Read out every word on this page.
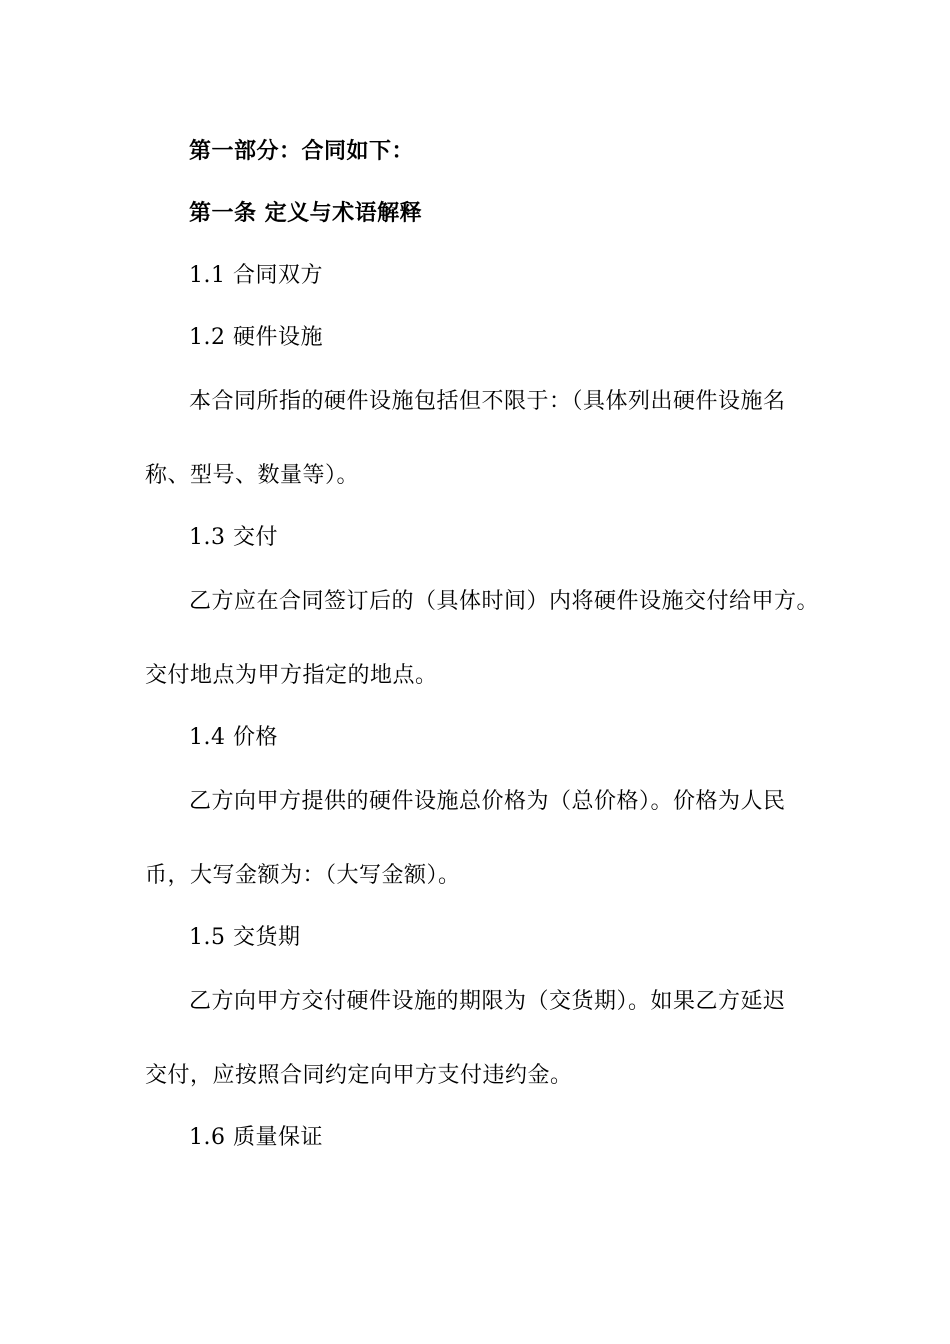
第一部分：合同如下：
第一条 定义与术语解释
1.1 合同双方
1.2 硬件设施
本合同所指的硬件设施包括但不限于：（具体列出硬件设施名
称、型号、数量等）。
1.3 交付
乙方应在合同签订后的（具体时间）内将硬件设施交付给甲方。
交付地点为甲方指定的地点。
1.4 价格
乙方向甲方提供的硬件设施总价格为（总价格）。价格为人民
币，大写金额为：（大写金额）。
1.5 交货期
乙方向甲方交付硬件设施的期限为（交货期）。如果乙方延迟
交付，应按照合同约定向甲方支付违约金。
1.6 质量保证
